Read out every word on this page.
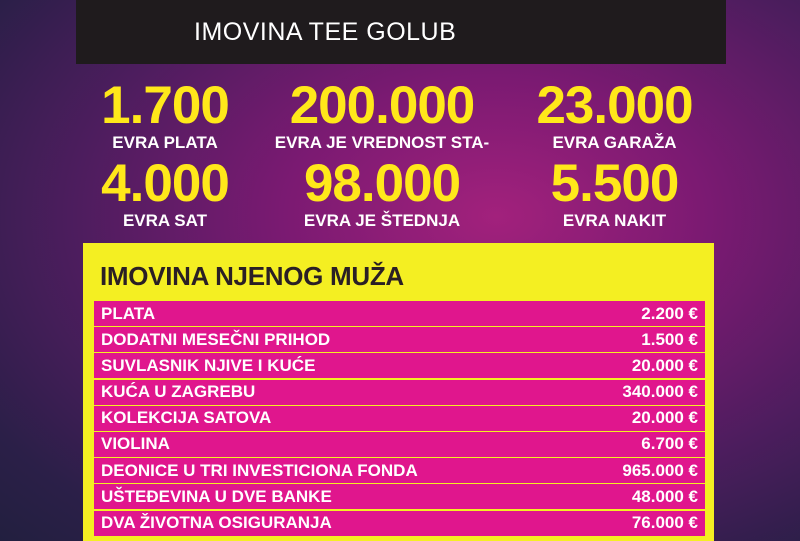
IMOVINA TEE GOLUB
1.700
EVRA PLATA
200.000
EVRA JE VREDNOST STA-
23.000
EVRA GARAŽA
4.000
EVRA SAT
98.000
EVRA JE ŠTEDNJA
5.500
EVRA NAKIT
IMOVINA NJENOG MUŽA
PLATA	2.200 €
DODATNI MESEČNI PRIHOD	1.500 €
SUVLASNIK NJIVE I KUĆE	20.000 €
KUĆA U ZAGREBU	340.000 €
KOLEKCIJA SATOVA	20.000 €
VIOLINA	6.700 €
DEONICE U TRI INVESTICIONA FONDA	965.000 €
UŠTEĐEVINA U DVE BANKE	48.000 €
DVA ŽIVOTNA OSIGURANJA	76.000 €
